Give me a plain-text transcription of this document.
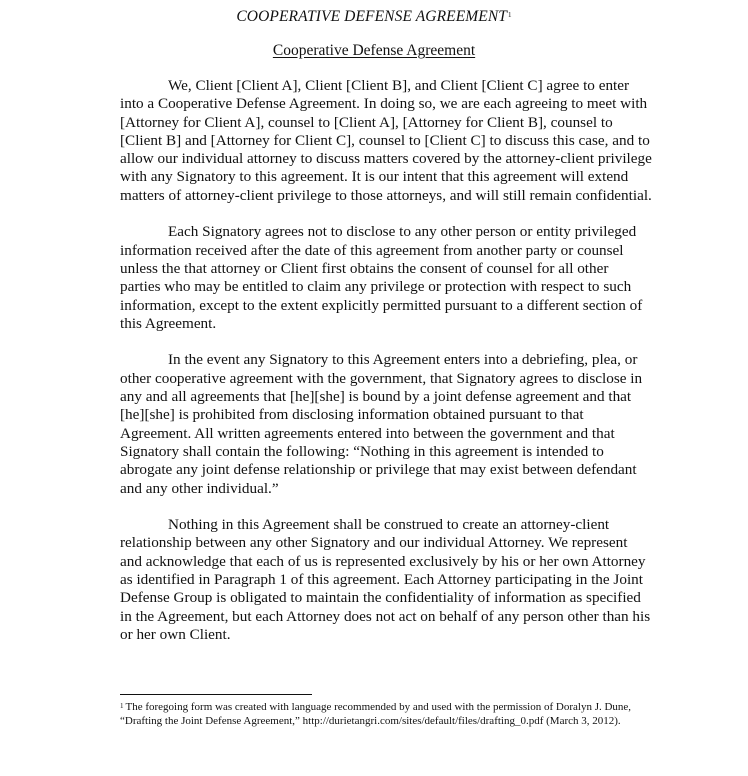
COOPERATIVE DEFENSE AGREEMENT$^1$
Cooperative Defense Agreement

We, Client [Client A], Client [Client B], and Client [Client C] agree to enter into a Cooperative Defense Agreement. In doing so, we are each agreeing to meet with [Attorney for Client A], counsel to [Client A], [Attorney for Client B], counsel to [Client B] and [Attorney for Client C], counsel to [Client C] to discuss this case, and to allow our individual attorney to discuss matters covered by the attorney-client privilege with any Signatory to this agreement. It is our intent that this agreement will extend matters of attorney-client privilege to those attorneys, and will still remain confidential.

Each Signatory agrees not to disclose to any other person or entity privileged information received after the date of this agreement from another party or counsel unless the that attorney or Client first obtains the consent of counsel for all other parties who may be entitled to claim any privilege or protection with respect to such information, except to the extent explicitly permitted pursuant to a different section of this Agreement.

In the event any Signatory to this Agreement enters into a debriefing, plea, or other cooperative agreement with the government, that Signatory agrees to disclose in any and all agreements that [he][she] is bound by a joint defense agreement and that [he][she] is prohibited from disclosing information obtained pursuant to that Agreement. All written agreements entered into between the government and that Signatory shall contain the following: “Nothing in this agreement is intended to abrogate any joint defense relationship or privilege that may exist between defendant and any other individual.”

Nothing in this Agreement shall be construed to create an attorney-client relationship between any other Signatory and our individual Attorney. We represent and acknowledge that each of us is represented exclusively by his or her own Attorney as identified in Paragraph 1 of this agreement. Each Attorney participating in the Joint Defense Group is obligated to maintain the confidentiality of information as specified in the Agreement, but each Attorney does not act on behalf of any person other than his or her own Client.

$^1$ The foregoing form was created with language recommended by and used with the permission of Doralyn J. Dune, “Drafting the Joint Defense Agreement,” http://durietangri.com/sites/default/files/drafting_0.pdf (March 3, 2012).
